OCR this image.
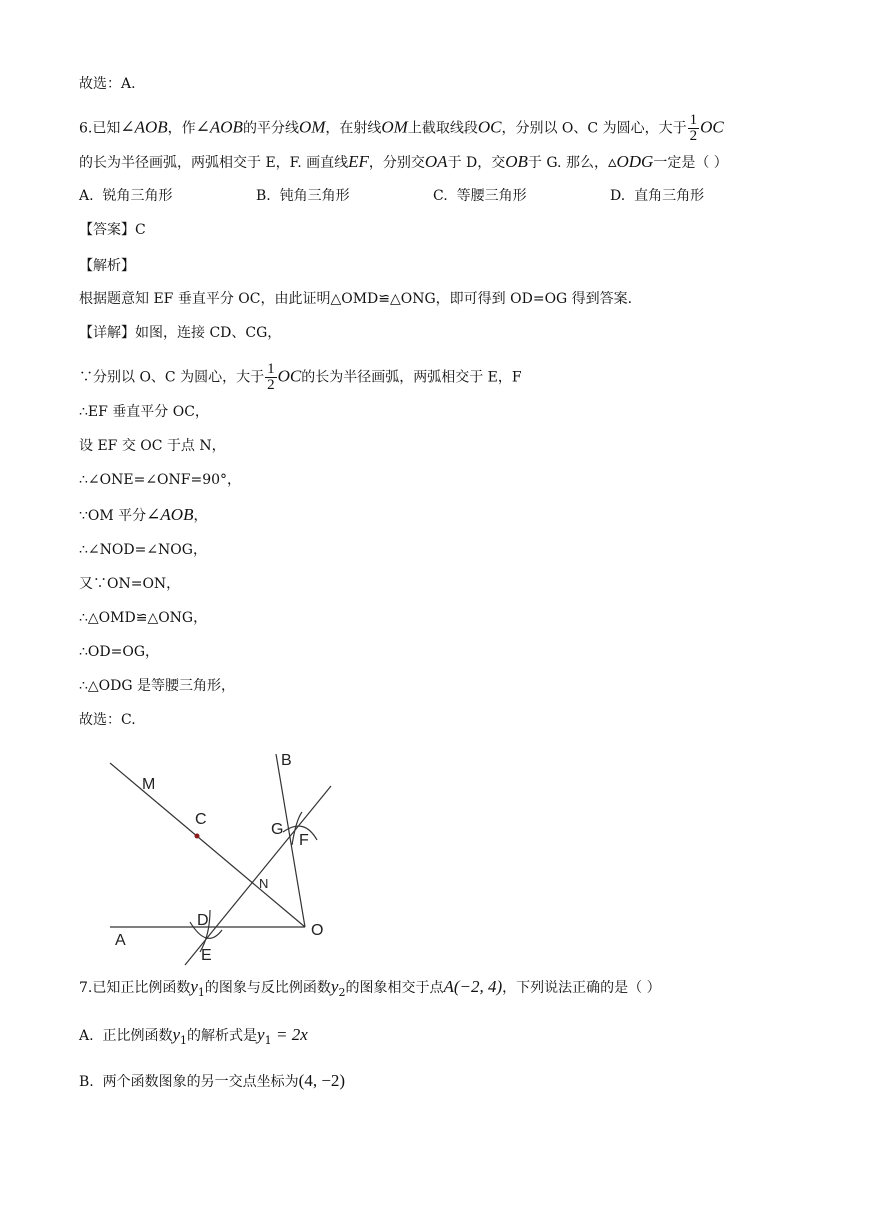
故选：A.
6.已知∠AOB，作∠AOB的平分线OM，在射线OM上截取线段OC，分别以 O、C 为圆心，大于 $\frac{1}{2}$ OC
的长为半径画弧，两弧相交于 E，F. 画直线EF，分别交OA于 D，交OB于 G. 那么，▵ODG一定是（ ）
A. 锐角三角形	B. 钝角三角形	C. 等腰三角形	D. 直角三角形
【答案】C
【解析】
根据题意知 EF 垂直平分 OC，由此证明△OMD≌△ONG，即可得到 OD=OG 得到答案.
【详解】如图，连接 CD、CG，
∵分别以 O、C 为圆心，大于 $\frac{1}{2}$ OC的长为半径画弧，两弧相交于 E，F
∴EF 垂直平分 OC，
设 EF 交 OC 于点 N，
∴∠ONE=∠ONF=90°，
∵OM 平分∠AOB，
∴∠NOD=∠NOG，
又∵ON=ON，
∴△OMD≌△ONG，
∴OD=OG，
∴△ODG 是等腰三角形，
故选：C.
B
M
C
G
F
N
D
A
O
E
7.已知正比例函数$y_1$的图象与反比例函数$y_2$的图象相交于点A(−2, 4)，下列说法正确的是（ ）
A. 正比例函数$y_1$的解析式是$y_1 = 2x$
B. 两个函数图象的另一交点坐标为(4, −2)
